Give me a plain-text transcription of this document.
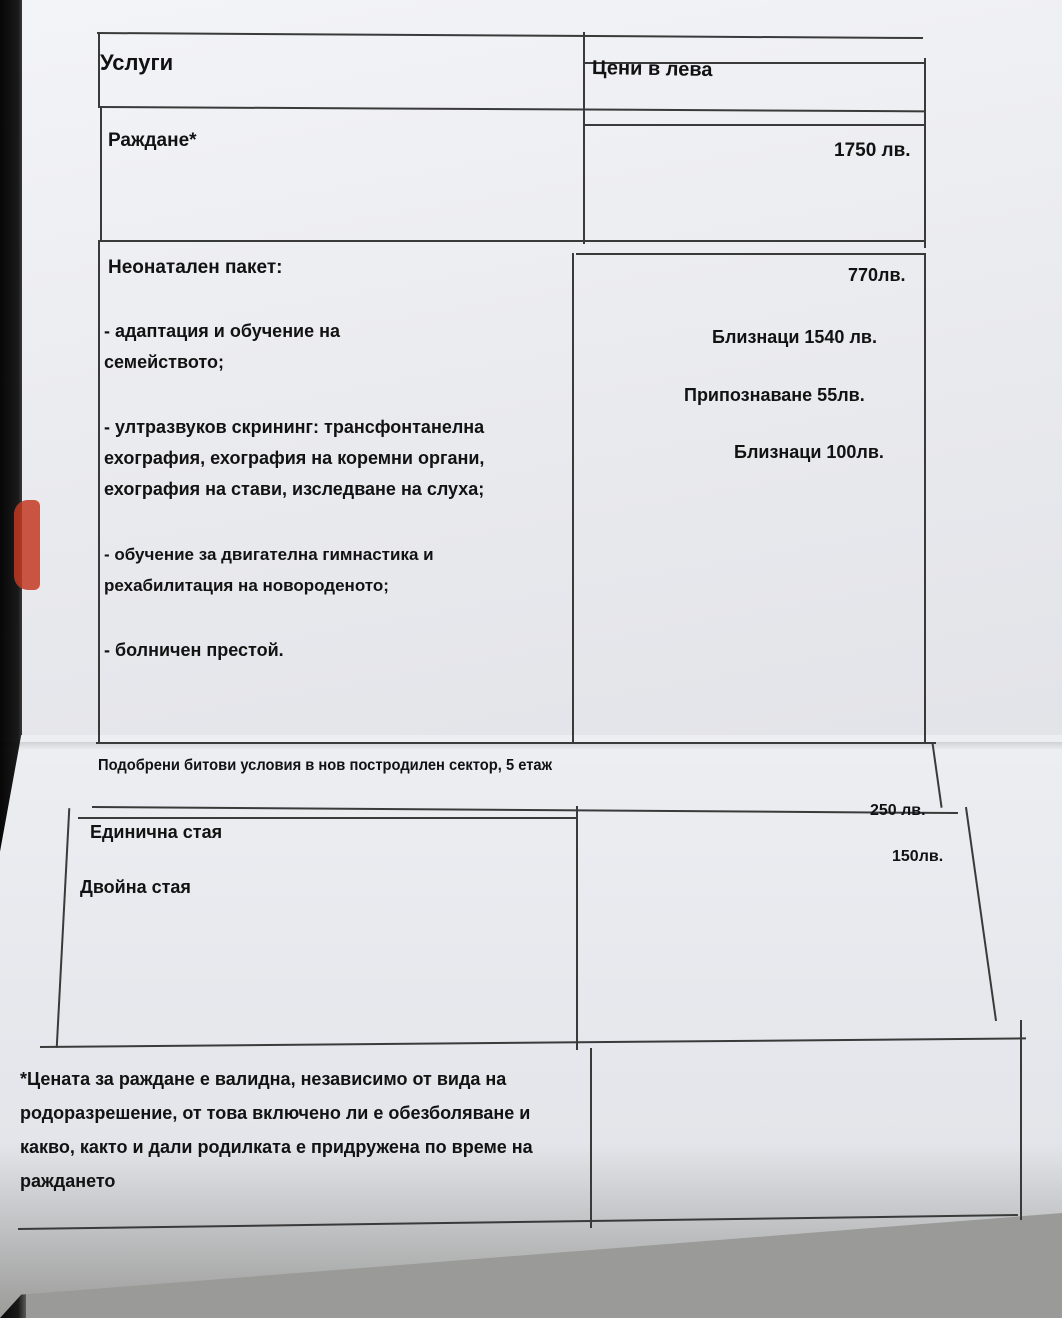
Услуги	Цени в лева
Раждане*	1750 лв.
Неонатален пакет:
- адаптация и обучение на семейството;
- ултразвуков скрининг: трансфонтанелна ехография, ехография на коремни органи, ехография на стави, изследване на слуха;
- обучение за двигателна гимнастика и рехабилитация на новороденото;
- болничен престой.
770лв.
Близнаци 1540 лв.
Припознаване 55лв.
Близнаци 100лв.
Подобрени битови условия в нов постродилен сектор, 5 етаж
Единична стая
Двойна стая
250 лв.
150лв.
*Цената за раждане е валидна, независимо от вида на родоразрешение, от това включено ли е обезболяване и какво, както и дали родилката е придружена по време на раждането
